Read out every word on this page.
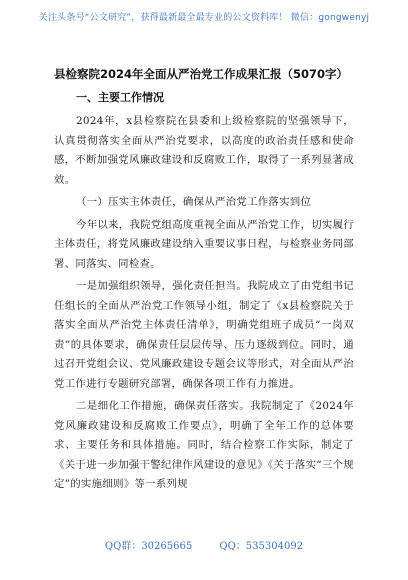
关注头条号“公文研究”，获得最新最全最专业的公文资料库！ 微信：gongwenyj
县检察院2024年全面从严治党工作成果汇报（5070字）
一、主要工作情况

2024年，x县检察院在县委和上级检察院的坚强领导下，认真贯彻落实全面从严治党要求，以高度的政治责任感和使命感，不断加强党风廉政建设和反腐败工作，取得了一系列显著成效。

（一）压实主体责任，确保从严治党工作落实到位

今年以来，我院党组高度重视全面从严治党工作，切实履行主体责任，将党风廉政建设纳入重要议事日程，与检察业务同部署、同落实、同检查。

一是加强组织领导，强化责任担当。我院成立了由党组书记任组长的全面从严治党工作领导小组，制定了《x县检察院关于落实全面从严治党主体责任清单》，明确党组班子成员“一岗双责”的具体要求，确保责任层层传导、压力逐级到位。同时，通过召开党组会议、党风廉政建设专题会议等形式，对全面从严治党工作进行专题研究部署，确保各项工作有力推进。

二是细化工作措施，确保责任落实。我院制定了《2024年党风廉政建设和反腐败工作要点》，明确了全年工作的总体要求、主要任务和具体措施。同时，结合检察工作实际，制定了《关于进一步加强干警纪律作风建设的意见》《关于落实“三个规定”的实施细则》等一系列规

QQ群：30265665	QQ：535304092
